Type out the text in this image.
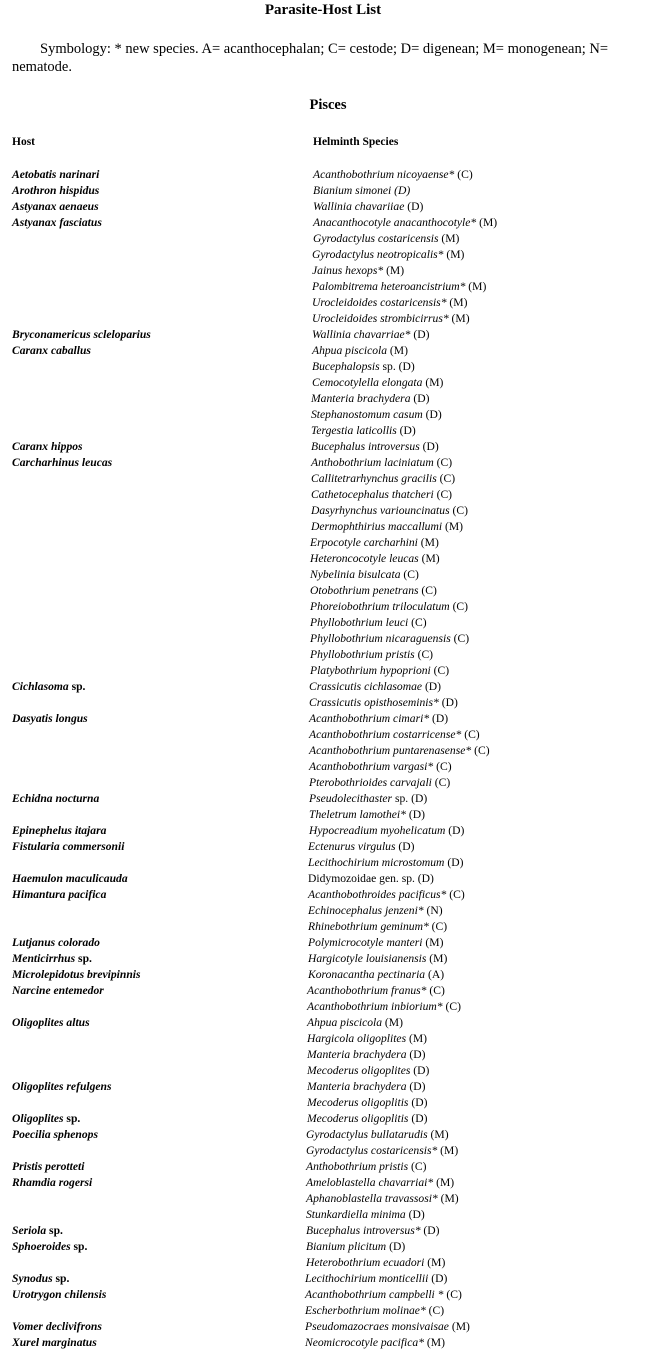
Parasite-Host List
Symbology: * new species. A= acanthocephalan; C= cestode; D= digenean; M= monogenean; N= nematode.
Pisces
Host	Helminth Species
Aetobatis narinari	Acanthobothrium nicoyaense* (C)
Arothron hispidus	Bianium simonei (D)
Astyanax aenaeus	Wallinia chavariiae (D)
Astyanax fasciatus	Anacanthocotyle anacanthocotyle* (M)
Gyrodactylus costaricensis (M)
Gyrodactylus neotropicalis* (M)
Jainus hexops* (M)
Palombitrema heteroancistrium* (M)
Urocleidoides costaricensis* (M)
Urocleidoides strombicirrus* (M)
Bryconamericus scleloparius	Wallinia chavarriae* (D)
Caranx caballus	Ahpua piscicola (M)
Bucephalopsis sp. (D)
Cemocotylella elongata (M)
Manteria brachydera (D)
Stephanostomum casum (D)
Tergestia laticollis (D)
Caranx hippos	Bucephalus introversus (D)
Carcharhinus leucas	Anthobothrium laciniatum (C)
Callitetrarhynchus gracilis (C)
Cathetocephalus thatcheri (C)
Dasyrhynchus variouncinatus (C)
Dermophthirius maccallumi (M)
Erpocotyle carcharhini (M)
Heteroncocotyle leucas (M)
Nybelinia bisulcata (C)
Otobothrium penetrans (C)
Phoreiobothrium triloculatum (C)
Phyllobothrium leuci (C)
Phyllobothrium nicaraguensis (C)
Phyllobothrium pristis (C)
Platybothrium hypoprioni (C)
Cichlasoma sp.	Crassicutis cichlasomae (D)
Crassicutis opisthoseminis* (D)
Dasyatis longus	Acanthobothrium cimari* (D)
Acanthobothrium costarricense* (C)
Acanthobothrium puntarenasense* (C)
Acanthobothrium vargasi* (C)
Pterobothrioides carvajali (C)
Echidna nocturna	Pseudolecithaster sp. (D)
Theletrum lamothei* (D)
Epinephelus itajara	Hypocreadium myohelicatum (D)
Fistularia commersonii	Ectenurus virgulus (D)
Lecithochirium microstomum (D)
Haemulon maculicauda	Didymozoidae gen. sp. (D)
Himantura pacifica	Acanthobothroides pacificus* (C)
Echinocephalus jenzeni* (N)
Rhinebothrium geminum* (C)
Lutjanus colorado	Polymicrocotyle manteri (M)
Menticirrhus sp.	Hargicotyle louisianensis (M)
Microlepidotus brevipinnis	Koronacantha pectinaria (A)
Narcine entemedor	Acanthobothrium franus* (C)
Acanthobothrium inbiorium* (C)
Oligoplites altus	Ahpua piscicola (M)
Hargicola oligoplites (M)
Manteria brachydera (D)
Mecoderus oligoplites (D)
Oligoplites refulgens	Manteria brachydera (D)
Mecoderus oligoplitis (D)
Oligoplites sp.	Mecoderus oligoplitis (D)
Poecilia sphenops	Gyrodactylus bullatarudis (M)
Gyrodactylus costaricensis* (M)
Pristis perotteti	Anthobothrium pristis (C)
Rhamdia rogersi	Ameloblastella chavarriai* (M)
Aphanoblastella travassosi* (M)
Stunkardiella minima (D)
Seriola sp.	Bucephalus introversus* (D)
Sphoeroides sp.	Bianium plicitum (D)
Heterobothrium ecuadori (M)
Synodus sp.	Lecithochirium monticellii (D)
Urotrygon chilensis	Acanthobothrium campbelli * (C)
Escherbothrium molinae* (C)
Vomer declivifrons	Pseudomazocraes monsivaisae (M)
Xurel marginatus	Neomicrocotyle pacifica* (M)
